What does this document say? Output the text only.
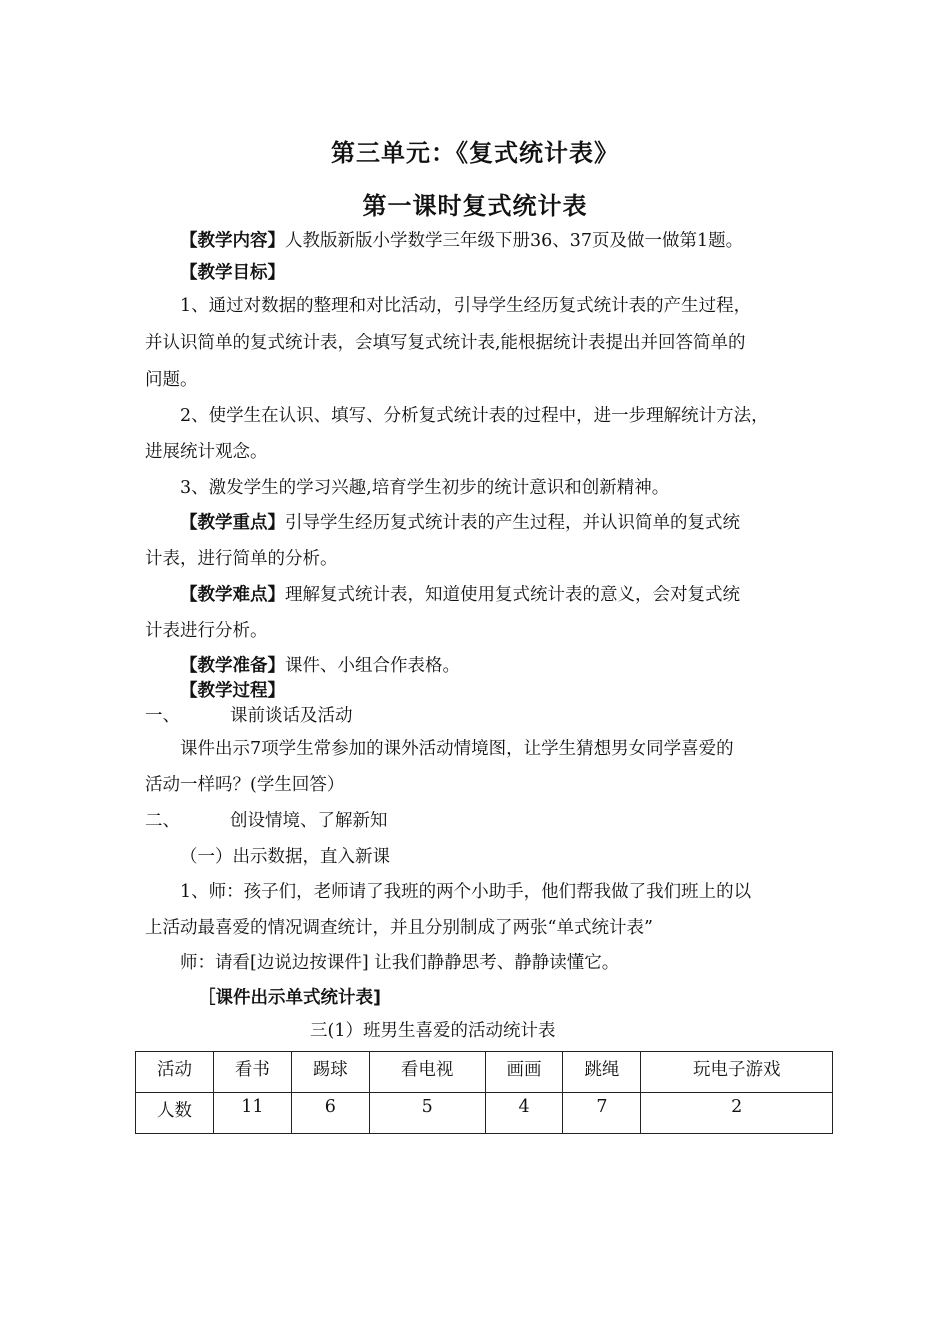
第三单元：《复式统计表》
第一课时复式统计表
【教学内容】人教版新版小学数学三年级下册36、37页及做一做第1题。
【教学目标】
1、通过对数据的整理和对比活动，引导学生经历复式统计表的产生过程，
并认识简单的复式统计表，会填写复式统计表,能根据统计表提出并回答简单的
问题。
2、使学生在认识、填写、分析复式统计表的过程中，进一步理解统计方法，
进展统计观念。
3、激发学生的学习兴趣,培育学生初步的统计意识和创新精神。
【教学重点】引导学生经历复式统计表的产生过程，并认识简单的复式统
计表，进行简单的分析。
【教学难点】理解复式统计表，知道使用复式统计表的意义，会对复式统
计表进行分析。
【教学准备】课件、小组合作表格。
【教学过程】
一、	课前谈话及活动
课件出示7项学生常参加的课外活动情境图，让学生猜想男女同学喜爱的
活动一样吗？(学生回答）
二、	创设情境、了解新知
（一）出示数据，直入新课
1、师：孩子们，老师请了我班的两个小助手，他们帮我做了我们班上的以
上活动最喜爱的情况调查统计，并且分别制成了两张“单式统计表”
师：请看[边说边按课件] 让我们静静思考、静静读懂它。
［课件出示单式统计表]
三(1）班男生喜爱的活动统计表
活动	看书	踢球	看电视	画画	跳绳	玩电子游戏
人数	11	6	5	4	7	2
